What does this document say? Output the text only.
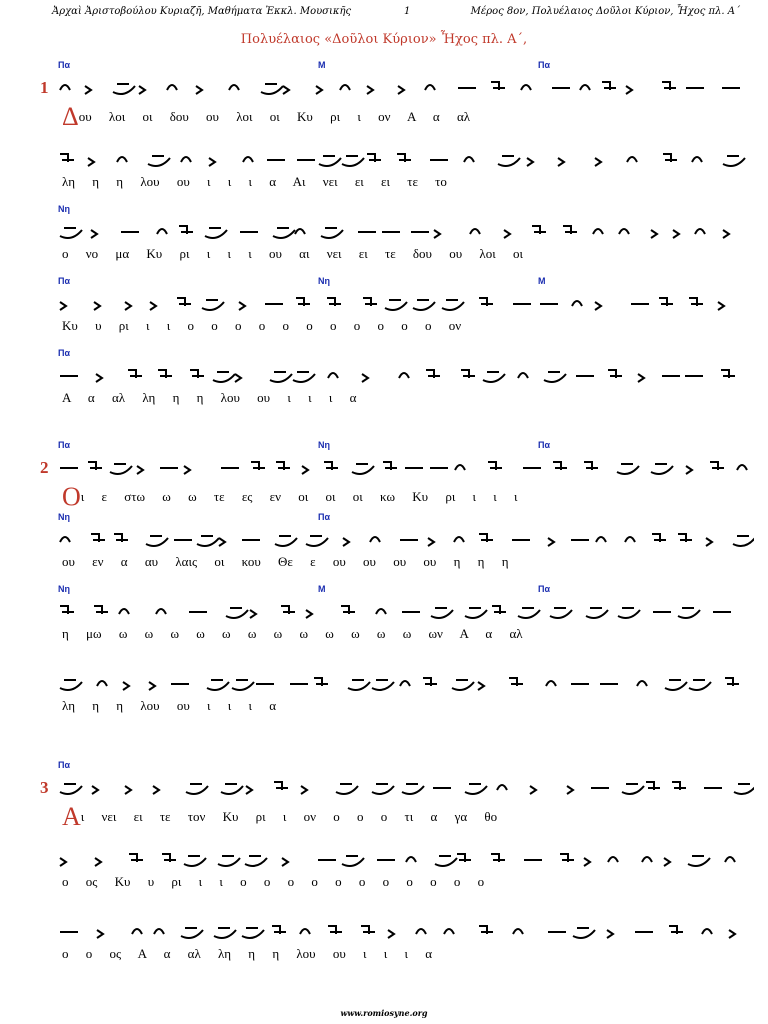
Ἀρχαὶ Ἀριστοβούλου Κυριαζῆ, Μαθήματα Ἐκκλ. Μουσικῆς	1	Μέρος 8ον, Πολυέλαιος Δοῦλοι Κύριον, Ἦχος πλ. Α΄
Πολυέλαιος «Δοῦλοι Κύριον» Ἦχος πλ. Α΄,
1
Πα	Μ	Πα
Δου λοι οι δου ου λοι οι Κυ ρι ι ον Α α αλ
λη η η λου ου ι ι ι α Αι νει ει ει τε το
Νη
ο νο μα Κυ ρι ι ι ι ου αι νει ει τε δου ου λοι οι
Πα	Νη	Μ
Κυ υ ρι ι ι ο ο ο ο ο ο ο ο ο ο ο ον
Πα
Α α αλ λη η η λου ου ι ι ι α
2
Πα	Νη	Πα
Οι ε στω ω ω τε ες εν οι οι οι κω Κυ ρι ι ι ι
Νη	Πα
ου εν α αυ λαις οι κου Θε ε ου ου ου ου η η η
Νη	Μ	Πα
η μω ω ω ω ω ω ω ω ω ω ω ω ω ων Α α αλ
λη η η λου ου ι ι ι α
3
Πα
Αι νει ει τε τον Κυ ρι ι ον ο ο ο τι α γα θο
ο ος Κυ υ ρι ι ι ο ο ο ο ο ο ο ο ο ο ο
ο ο ος Α α αλ λη η η λου ου ι ι ι α
www.romiosyne.org
